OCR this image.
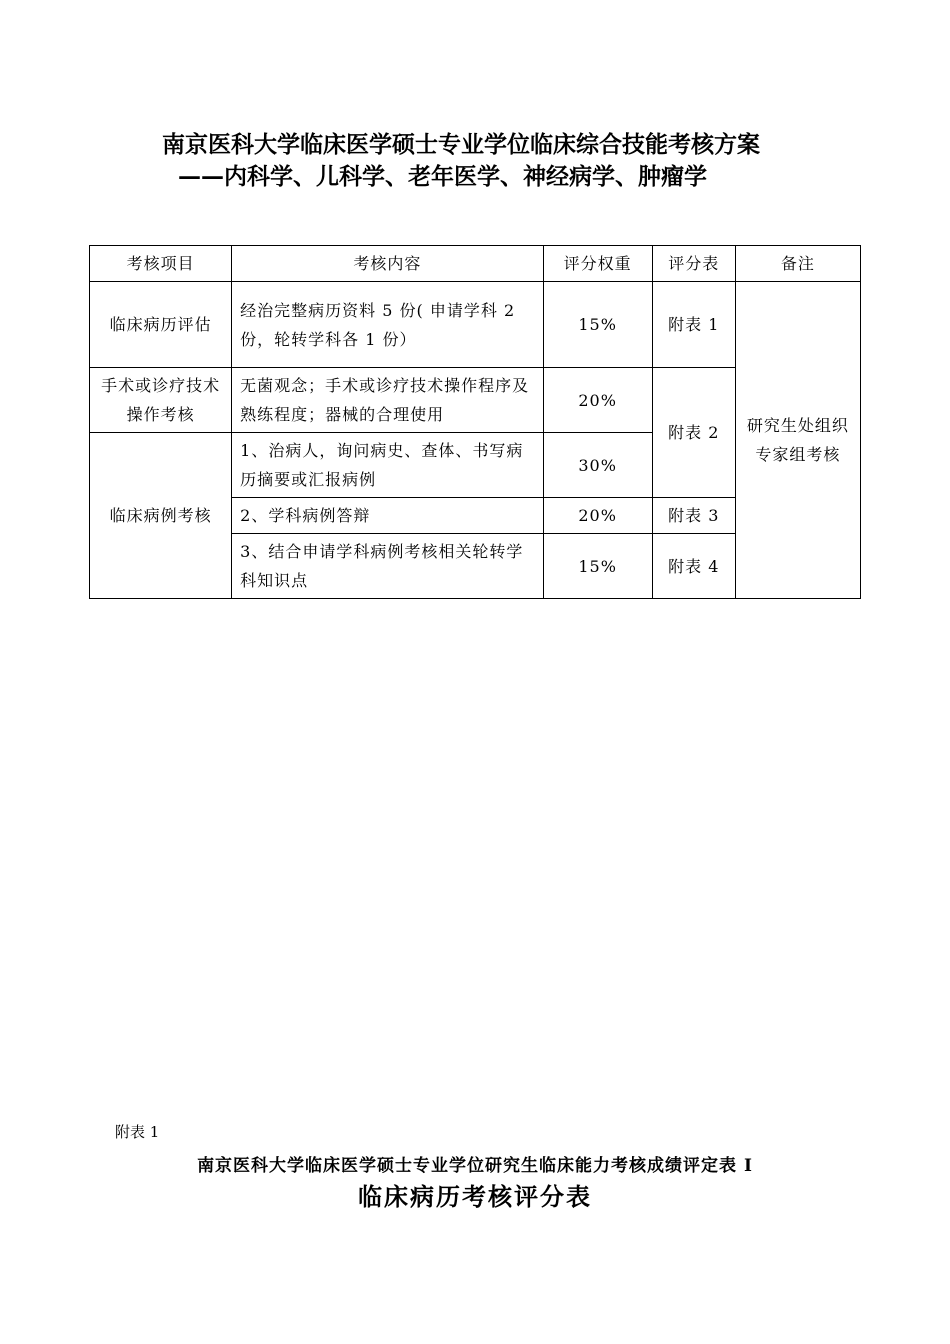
南京医科大学临床医学硕士专业学位临床综合技能考核方案
——内科学、儿科学、老年医学、神经病学、肿瘤学
考核项目	考核内容	评分权重	评分表	备注
临床病历评估	经治完整病历资料 5 份( 申请学科 2 份，轮转学科各 1 份）	15%	附表 1	研究生处组织专家组考核
手术或诊疗技术操作考核	无菌观念；手术或诊疗技术操作程序及熟练程度；器械的合理使用	20%	附表 2	
临床病例考核	1、治病人，询问病史、查体、书写病历摘要或汇报病例	30%		
	2、学科病例答辩	20%	附表 3	
	3、结合申请学科病例考核相关轮转学科知识点	15%	附表 4	
附表 1
南京医科大学临床医学硕士专业学位研究生临床能力考核成绩评定表 I
临床病历考核评分表
